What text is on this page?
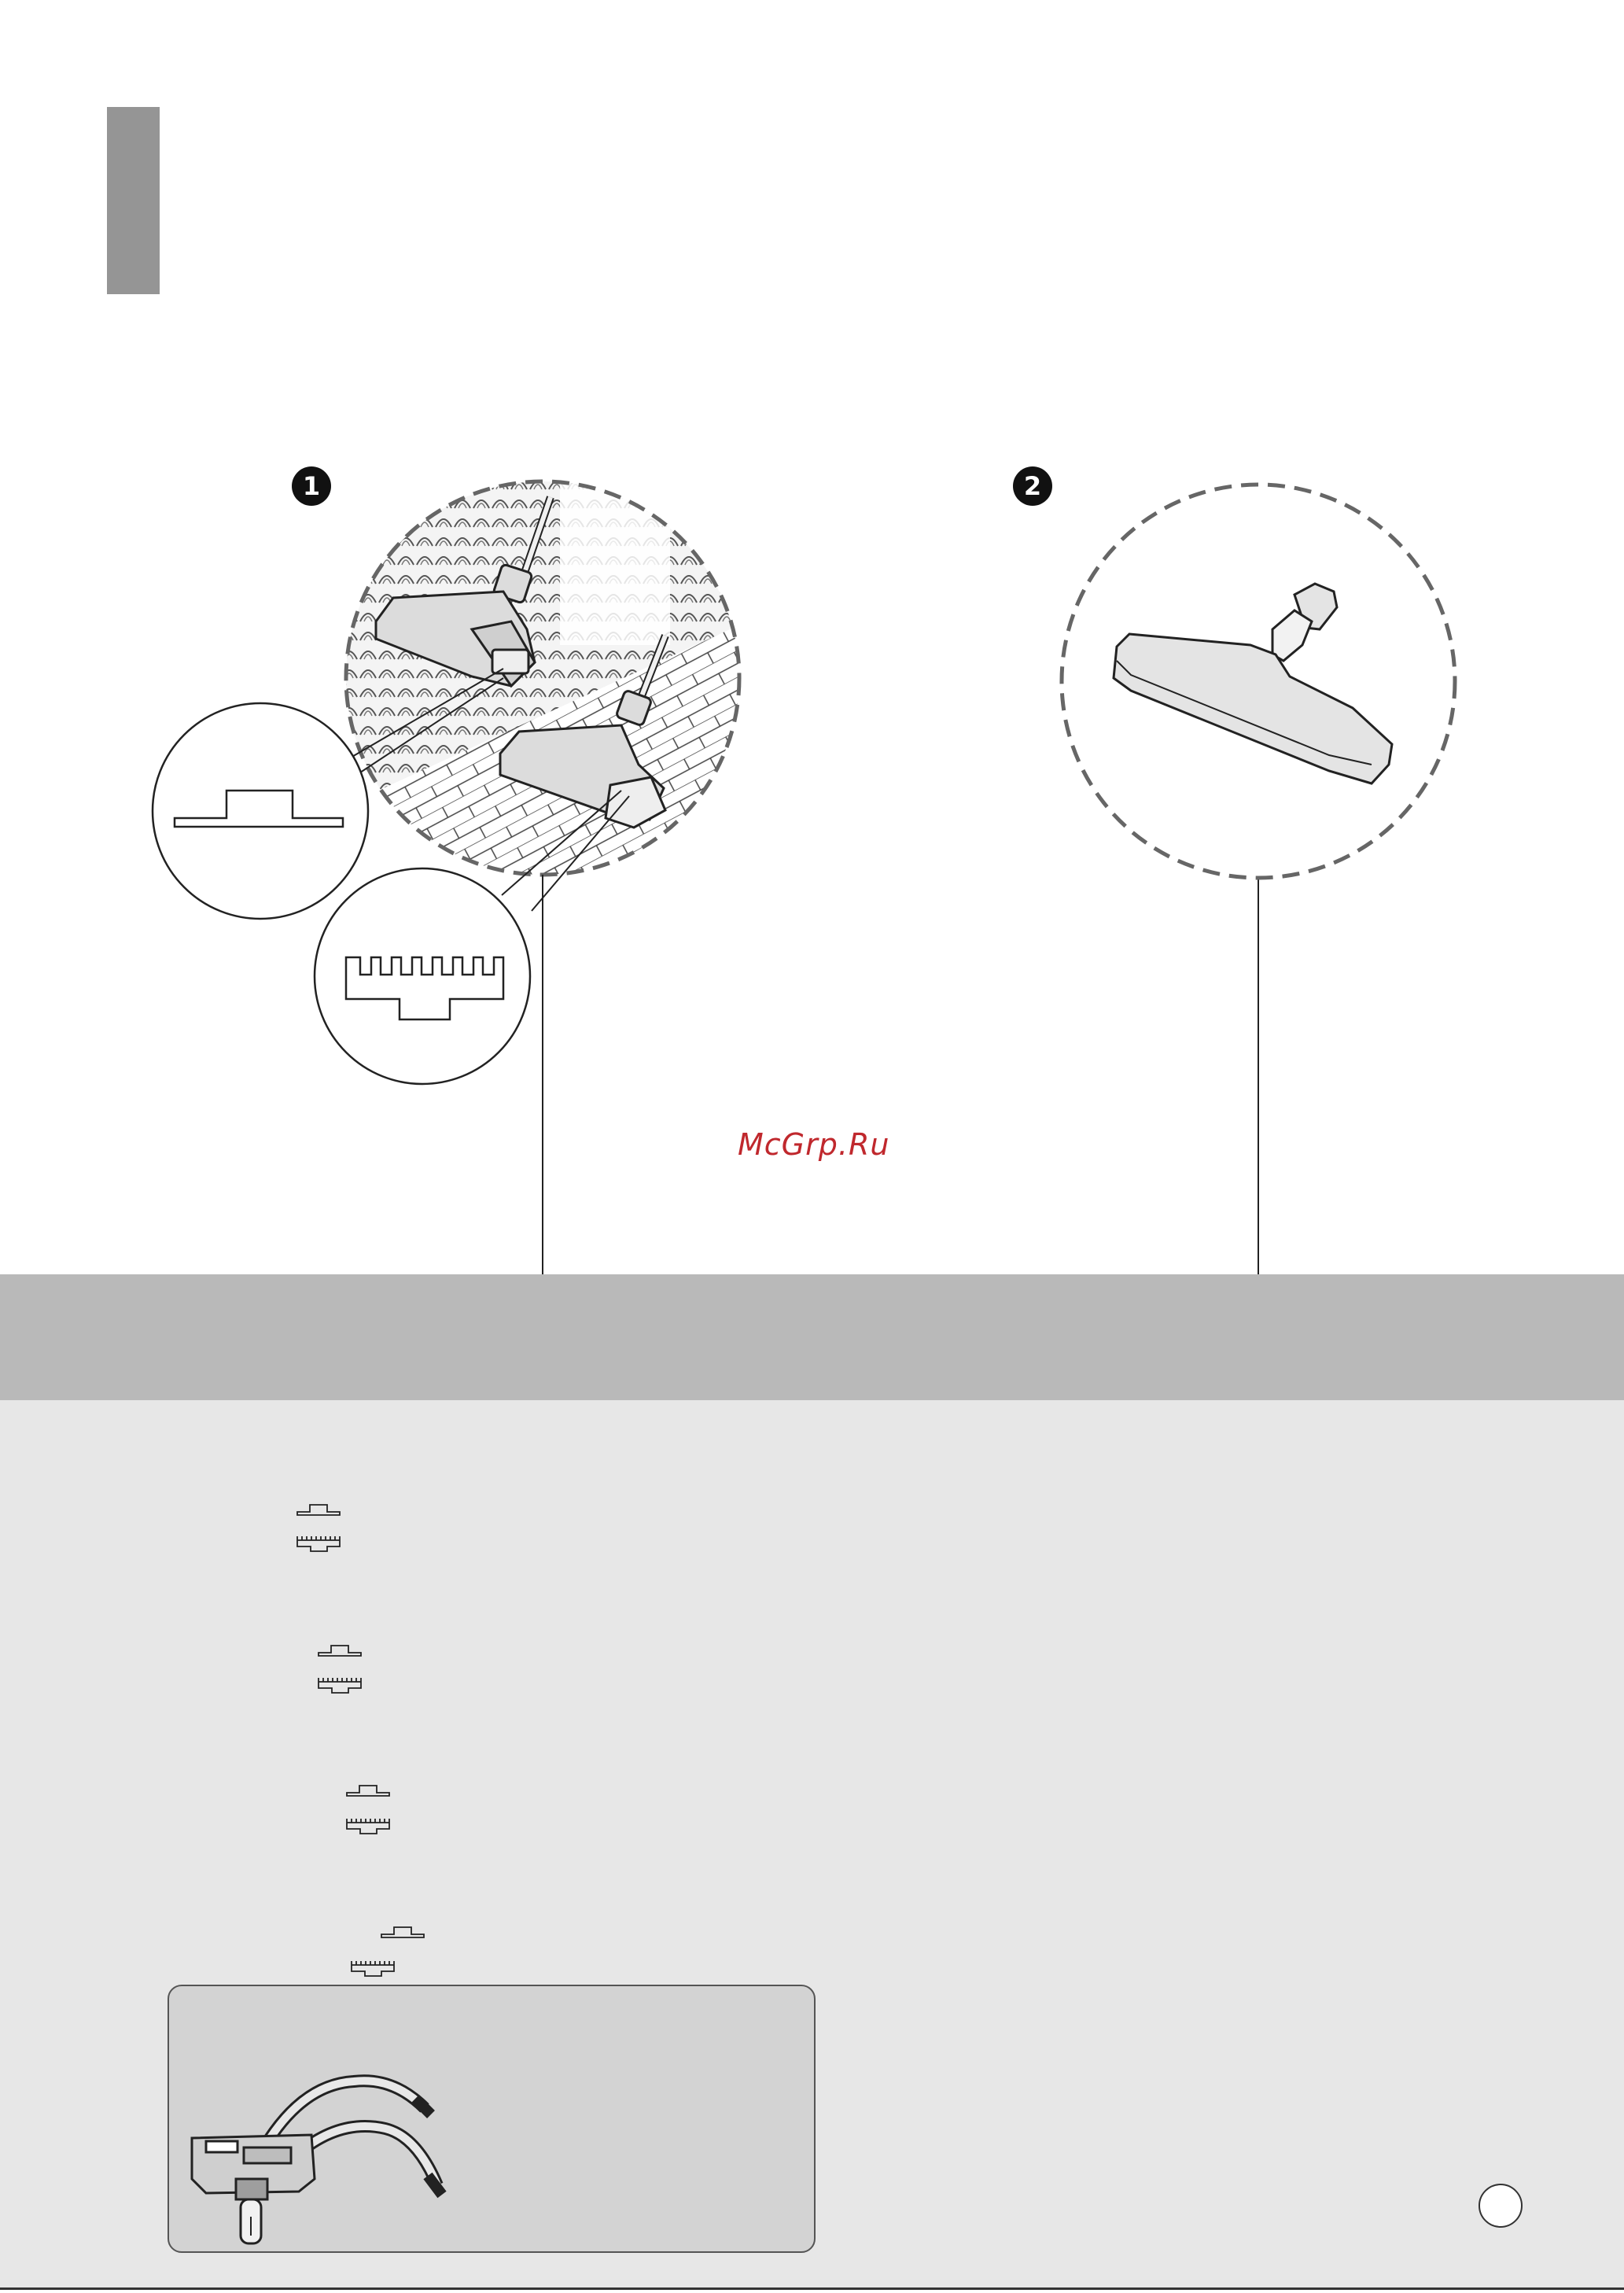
1	2
McGrp.Ru
